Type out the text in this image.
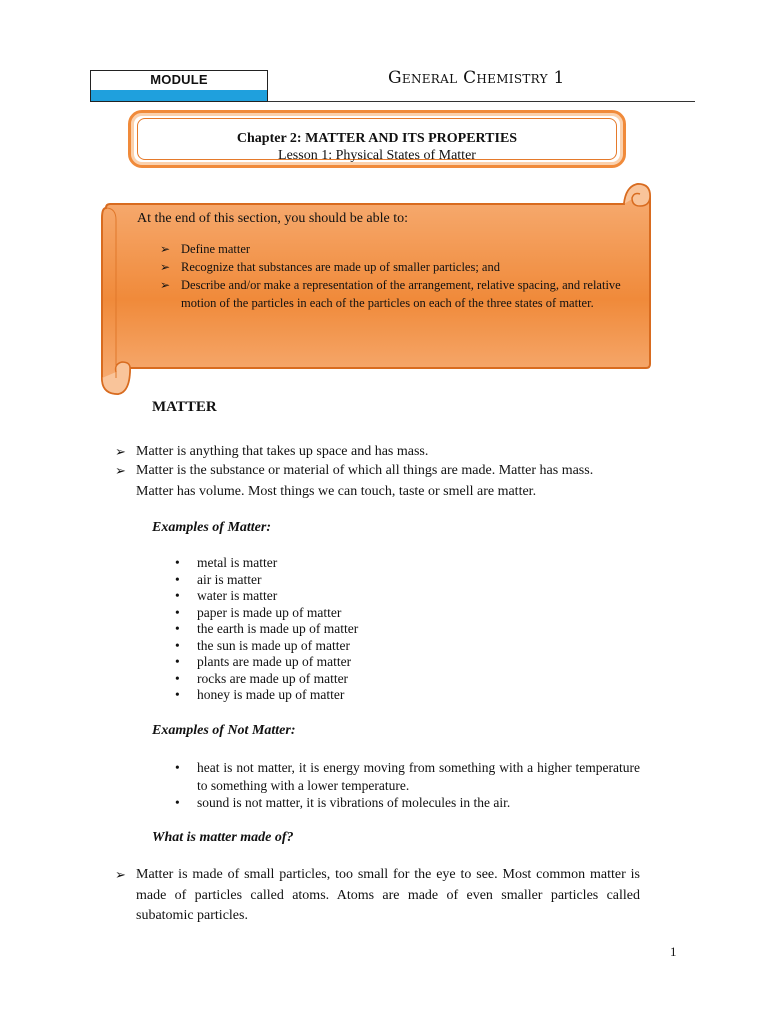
MODULE	General Chemistry 1
Chapter 2: MATTER AND ITS PROPERTIES
Lesson 1: Physical States of Matter
At the end of this section, you should be able to:
➢ Define matter
➢ Recognize that substances are made up of smaller particles; and
➢ Describe and/or make a representation of the arrangement, relative spacing, and relative motion of the particles in each of the particles on each of the three states of matter.
MATTER
➢ Matter is anything that takes up space and has mass.
➢ Matter is the substance or material of which all things are made. Matter has mass.
Matter has volume. Most things we can touch, taste or smell are matter.
Examples of Matter:
• metal is matter
• air is matter
• water is matter
• paper is made up of matter
• the earth is made up of matter
• the sun is made up of matter
• plants are made up of matter
• rocks are made up of matter
• honey is made up of matter
Examples of Not Matter:
• heat is not matter, it is energy moving from something with a higher temperature to something with a lower temperature.
• sound is not matter, it is vibrations of molecules in the air.
What is matter made of?
➢ Matter is made of small particles, too small for the eye to see. Most common matter is made of particles called atoms. Atoms are made of even smaller particles called subatomic particles.
1
